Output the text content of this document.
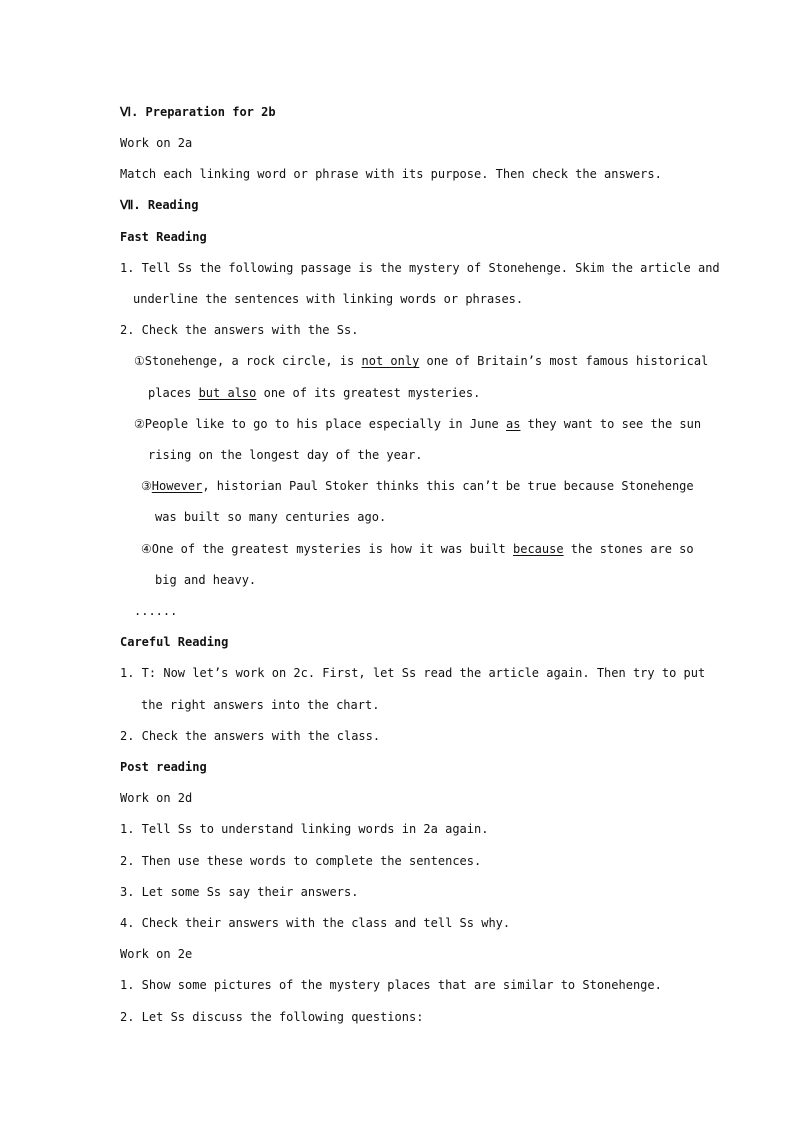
Ⅵ. Preparation for 2b
Work on 2a
Match each linking word or phrase with its purpose. Then check the answers.
Ⅶ. Reading
Fast Reading
1. Tell Ss the following passage is the mystery of Stonehenge. Skim the article and
underline the sentences with linking words or phrases.
2. Check the answers with the Ss.
①Stonehenge, a rock circle, is not only one of Britain’s most famous historical
places but also one of its greatest mysteries.
②People like to go to his place especially in June as they want to see the sun
rising on the longest day of the year.
③However, historian Paul Stoker thinks this can’t be true because Stonehenge
was built so many centuries ago.
④One of the greatest mysteries is how it was built because the stones are so
big and heavy.
......
Careful Reading
1. T: Now let’s work on 2c. First, let Ss read the article again. Then try to put
the right answers into the chart.
2. Check the answers with the class.
Post reading
Work on 2d
1. Tell Ss to understand linking words in 2a again.
2. Then use these words to complete the sentences.
3. Let some Ss say their answers.
4. Check their answers with the class and tell Ss why.
Work on 2e
1. Show some pictures of the mystery places that are similar to Stonehenge.
2. Let Ss discuss the following questions:
